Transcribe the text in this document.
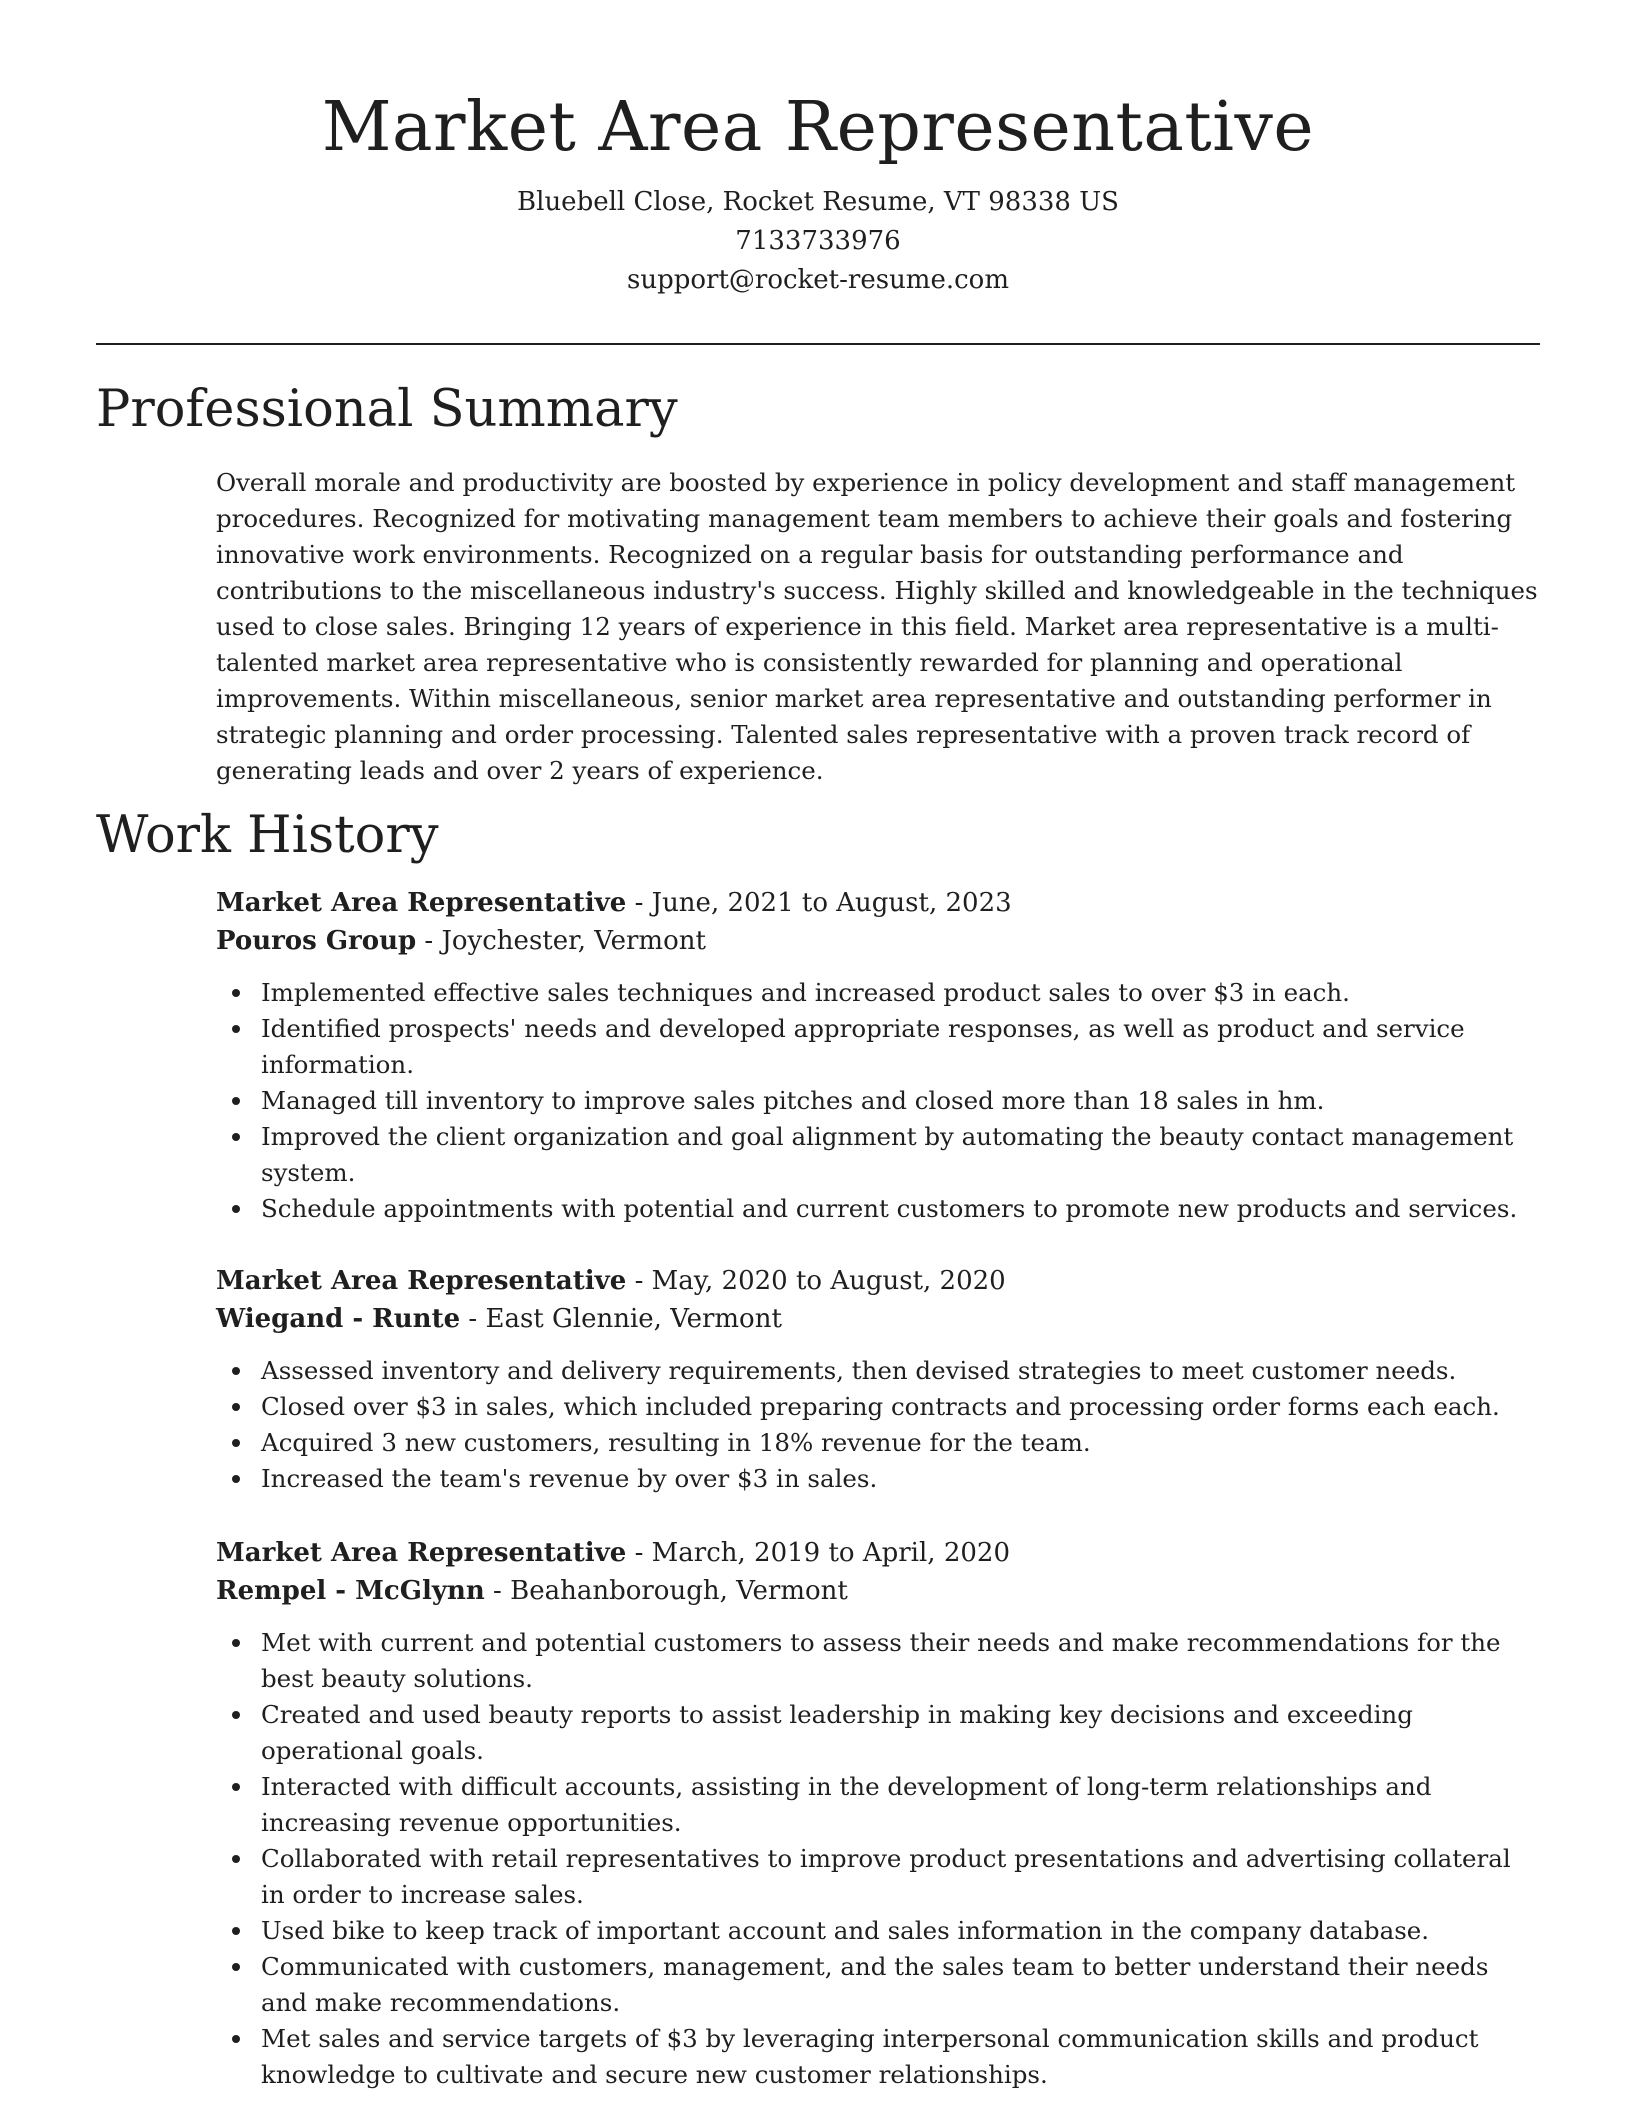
Market Area Representative
Bluebell Close, Rocket Resume, VT 98338 US
7133733976
support@rocket-resume.com
Professional Summary

Overall morale and productivity are boosted by experience in policy development and staff management procedures. Recognized for motivating management team members to achieve their goals and fostering innovative work environments. Recognized on a regular basis for outstanding performance and contributions to the miscellaneous industry's success. Highly skilled and knowledgeable in the techniques used to close sales. Bringing 12 years of experience in this field. Market area representative is a multi-talented market area representative who is consistently rewarded for planning and operational improvements. Within miscellaneous, senior market area representative and outstanding performer in strategic planning and order processing. Talented sales representative with a proven track record of generating leads and over 2 years of experience.

Work History
Market Area Representative - June, 2021 to August, 2023
Pouros Group - Joychester, Vermont
Implemented effective sales techniques and increased product sales to over $3 in each.
Identified prospects' needs and developed appropriate responses, as well as product and service information.
Managed till inventory to improve sales pitches and closed more than 18 sales in hm.
Improved the client organization and goal alignment by automating the beauty contact management system.
Schedule appointments with potential and current customers to promote new products and services.
Market Area Representative - May, 2020 to August, 2020
Wiegand - Runte - East Glennie, Vermont
Assessed inventory and delivery requirements, then devised strategies to meet customer needs.
Closed over $3 in sales, which included preparing contracts and processing order forms each each.
Acquired 3 new customers, resulting in 18% revenue for the team.
Increased the team's revenue by over $3 in sales.
Market Area Representative - March, 2019 to April, 2020
Rempel - McGlynn - Beahanborough, Vermont
Met with current and potential customers to assess their needs and make recommendations for the best beauty solutions.
Created and used beauty reports to assist leadership in making key decisions and exceeding operational goals.
Interacted with difficult accounts, assisting in the development of long-term relationships and increasing revenue opportunities.
Collaborated with retail representatives to improve product presentations and advertising collateral in order to increase sales.
Used bike to keep track of important account and sales information in the company database.
Communicated with customers, management, and the sales team to better understand their needs and make recommendations.
Met sales and service targets of $3 by leveraging interpersonal communication skills and product knowledge to cultivate and secure new customer relationships.
